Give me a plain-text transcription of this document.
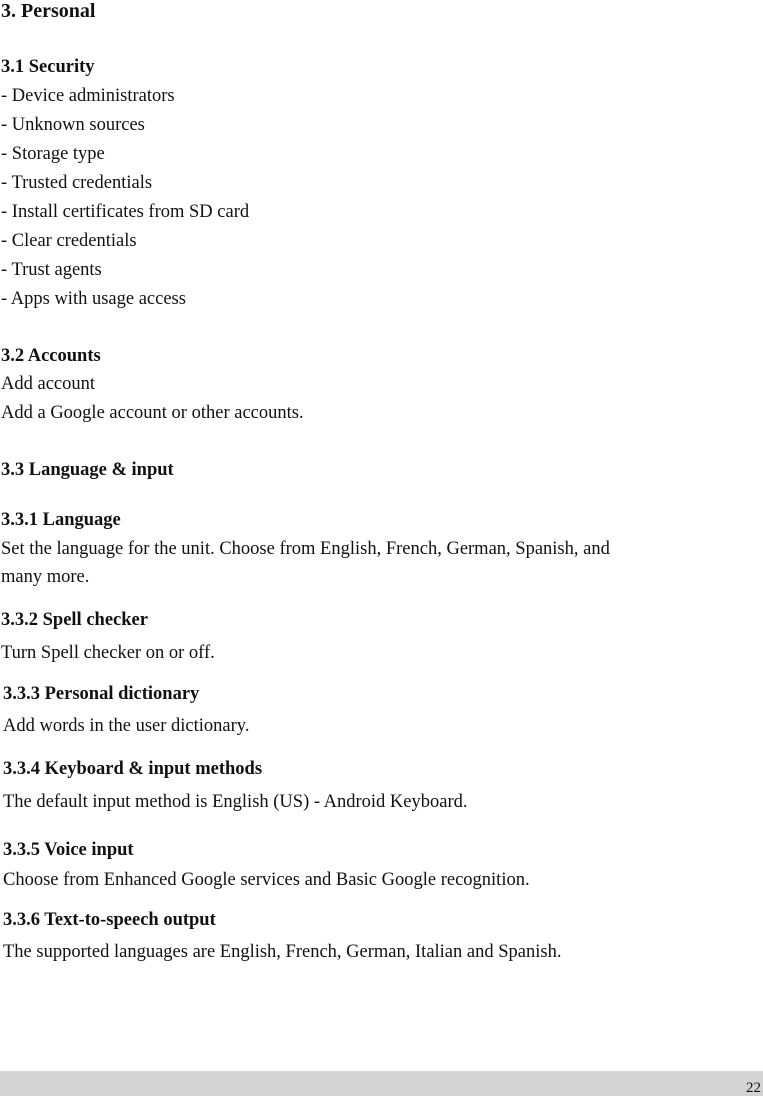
3. Personal
3.1 Security
- Device administrators
- Unknown sources
- Storage type
- Trusted credentials
- Install certificates from SD card
- Clear credentials
- Trust agents
- Apps with usage access
3.2 Accounts
Add account
Add a Google account or other accounts.
3.3 Language & input
3.3.1 Language
Set the language for the unit. Choose from English, French, German, Spanish, and
many more.
3.3.2 Spell checker
Turn Spell checker on or off.
3.3.3 Personal dictionary
Add words in the user dictionary.
3.3.4 Keyboard & input methods
The default input method is English (US) - Android Keyboard.
3.3.5 Voice input
Choose from Enhanced Google services and Basic Google recognition.
3.3.6 Text-to-speech output
The supported languages are English, French, German, Italian and Spanish.
22
